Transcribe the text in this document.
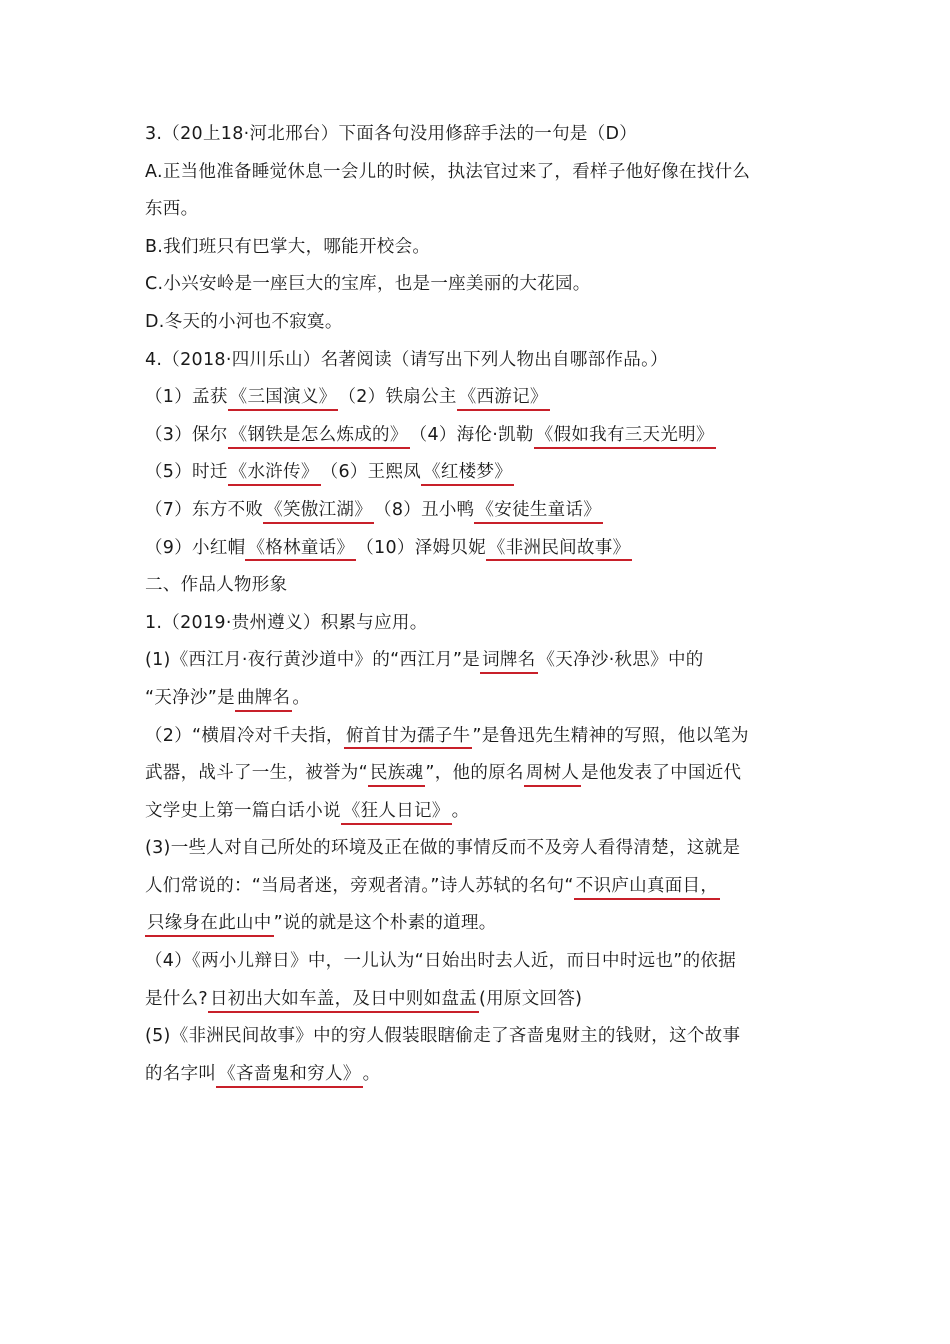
3.（20上18·河北邢台）下面各句没用修辞手法的一句是（D）
A.正当他准备睡觉休息一会儿的时候，执法官过来了，看样子他好像在找什么
东西。
B.我们班只有巴掌大，哪能开校会。
C.小兴安岭是一座巨大的宝库，也是一座美丽的大花园。
D.冬天的小河也不寂寞。
4.（2018·四川乐山）名著阅读（请写出下列人物出自哪部作品。）
（1）孟获 《三国演义》 （2）铁扇公主 《西游记》
（3）保尔 《钢铁是怎么炼成的》 （4）海伦·凯勒 《假如我有三天光明》
（5）时迁 《水浒传》 （6）王熙凤 《红楼梦》
（7）东方不败 《笑傲江湖》 （8）丑小鸭 《安徒生童话》
（9）小红帽 《格林童话》 （10）泽姆贝妮 《非洲民间故事》
二、作品人物形象
1.（2019·贵州遵义）积累与应用。
(1)《西江月·夜行黄沙道中》的“西江月”是 词牌名 《天净沙·秋思》中的
“天净沙”是 曲牌名 。
（2）“横眉冷对千夫指， 俯首甘为孺子牛 ”是鲁迅先生精神的写照，他以笔为
武器，战斗了一生，被誉为“ 民族魂 ”，他的原名 周树人 是他发表了中国近代
文学史上第一篇白话小说 《狂人日记》 。
(3)一些人对自己所处的环境及正在做的事情反而不及旁人看得清楚，这就是
人们常说的：“当局者迷，旁观者清。”诗人苏轼的名句“ 不识庐山真面目，
只缘身在此山中 ”说的就是这个朴素的道理。
（4）《两小儿辩日》中，一儿认为“日始出时去人近，而日中时远也”的依据
是什么? 日初出大如车盖，及日中则如盘盂 (用原文回答)
(5)《非洲民间故事》中的穷人假装眼瞎偷走了吝啬鬼财主的钱财，这个故事
的名字叫 《吝啬鬼和穷人》 。
